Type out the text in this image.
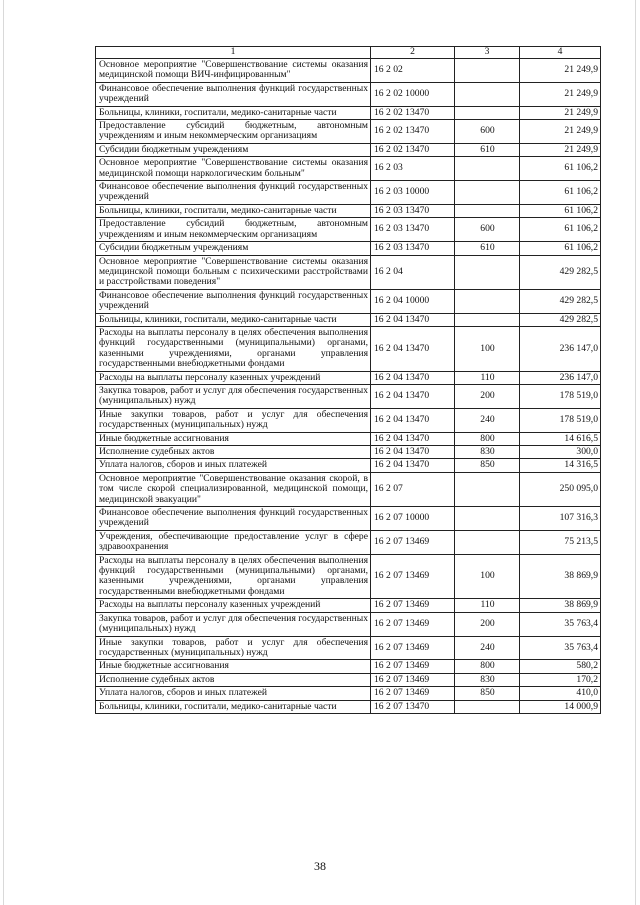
1	2	3	4
Основное мероприятие "Совершенствование системы оказания медицинской помощи ВИЧ-инфицированным"	16 2 02		21 249,9
Финансовое обеспечение выполнения функций государственных учреждений	16 2 02 10000		21 249,9
Больницы, клиники, госпитали, медико-санитарные части	16 2 02 13470		21 249,9
Предоставление субсидий бюджетным, автономным учреждениям и иным некоммерческим организациям	16 2 02 13470	600	21 249,9
Субсидии бюджетным учреждениям	16 2 02 13470	610	21 249,9
Основное мероприятие "Совершенствование системы оказания медицинской помощи наркологическим больным"	16 2 03		61 106,2
Финансовое обеспечение выполнения функций государственных учреждений	16 2 03 10000		61 106,2
Больницы, клиники, госпитали, медико-санитарные части	16 2 03 13470		61 106,2
Предоставление субсидий бюджетным, автономным учреждениям и иным некоммерческим организациям	16 2 03 13470	600	61 106,2
Субсидии бюджетным учреждениям	16 2 03 13470	610	61 106,2
Основное мероприятие "Совершенствование системы оказания медицинской помощи больным с психическими расстройствами и расстройствами поведения"	16 2 04		429 282,5
Финансовое обеспечение выполнения функций государственных учреждений	16 2 04 10000		429 282,5
Больницы, клиники, госпитали, медико-санитарные части	16 2 04 13470		429 282,5
Расходы на выплаты персоналу в целях обеспечения выполнения функций государственными (муниципальными) органами, казенными учреждениями, органами управления государственными внебюджетными фондами	16 2 04 13470	100	236 147,0
Расходы на выплаты персоналу казенных учреждений	16 2 04 13470	110	236 147,0
Закупка товаров, работ и услуг для обеспечения государственных (муниципальных) нужд	16 2 04 13470	200	178 519,0
Иные закупки товаров, работ и услуг для обеспечения государственных (муниципальных) нужд	16 2 04 13470	240	178 519,0
Иные бюджетные ассигнования	16 2 04 13470	800	14 616,5
Исполнение судебных актов	16 2 04 13470	830	300,0
Уплата налогов, сборов и иных платежей	16 2 04 13470	850	14 316,5
Основное мероприятие "Совершенствование оказания скорой, в том числе скорой специализированной, медицинской помощи, медицинской эвакуации"	16 2 07		250 095,0
Финансовое обеспечение выполнения функций государственных учреждений	16 2 07 10000		107 316,3
Учреждения, обеспечивающие предоставление услуг в сфере здравоохранения	16 2 07 13469		75 213,5
Расходы на выплаты персоналу в целях обеспечения выполнения функций государственными (муниципальными) органами, казенными учреждениями, органами управления государственными внебюджетными фондами	16 2 07 13469	100	38 869,9
Расходы на выплаты персоналу казенных учреждений	16 2 07 13469	110	38 869,9
Закупка товаров, работ и услуг для обеспечения государственных (муниципальных) нужд	16 2 07 13469	200	35 763,4
Иные закупки товаров, работ и услуг для обеспечения государственных (муниципальных) нужд	16 2 07 13469	240	35 763,4
Иные бюджетные ассигнования	16 2 07 13469	800	580,2
Исполнение судебных актов	16 2 07 13469	830	170,2
Уплата налогов, сборов и иных платежей	16 2 07 13469	850	410,0
Больницы, клиники, госпитали, медико-санитарные части	16 2 07 13470		14 000,9
38
